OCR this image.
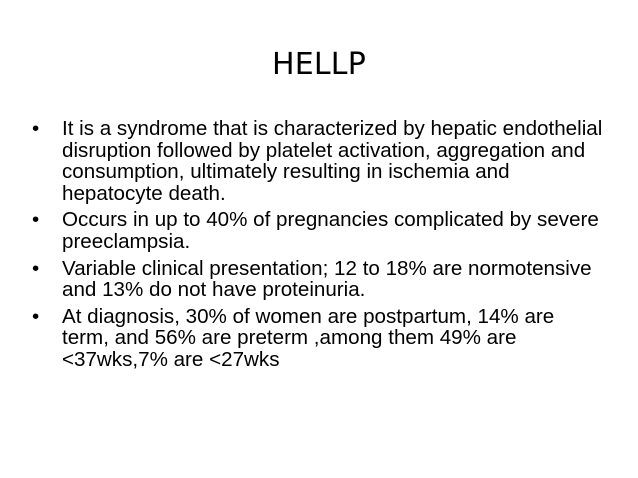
HELLP
•	It is a syndrome that is characterized by hepatic endothelial disruption followed by platelet activation, aggregation and consumption, ultimately resulting in ischemia and hepatocyte death.
•	Occurs in up to 40% of pregnancies complicated by severe preeclampsia.
•	Variable clinical presentation; 12 to 18% are normotensive and 13% do not have proteinuria.
•	At diagnosis, 30% of women are postpartum, 14% are term, and 56% are preterm ,among them 49% are <37wks,7% are <27wks
